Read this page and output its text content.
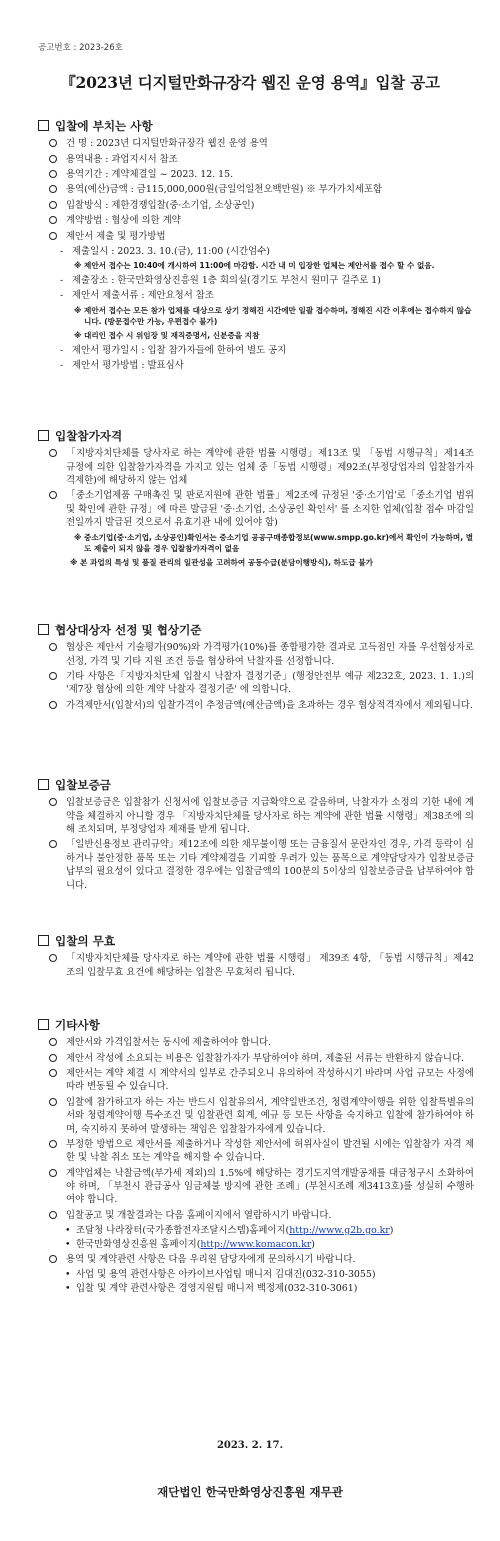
공고번호 : 2023-26호
『2023년 디지털만화규장각 웹진 운영 용역』입찰 공고
입찰에 부치는 사항
건 명 : 2023년 디지털만화규장각 웹진 운영 용역
용역내용 : 과업지시서 참조
용역기간 : 계약체결일 ~ 2023. 12. 15.
용역(예산)금액 : 금115,000,000원(금일억일천오백만원) ※ 부가가치세포함
입찰방식 : 제한경쟁입찰(중·소기업, 소상공인)
계약방법 : 협상에 의한 계약
제안서 제출 및 평가방법
- 제출일시 : 2023. 3. 10.(금), 11:00 (시간엄수)
※ 제안서 접수는 10:40에 개시하여 11:00에 마감함. 시간 내 미 입장한 업체는 제안서를 접수 할 수 없음.
- 제출장소 : 한국만화영상진흥원 1층 회의실(경기도 부천시 원미구 길주로 1)
- 제안서 제출서류 : 제안요청서 참조
※ 제안서 접수는 모든 참가 업체를 대상으로 상기 정해진 시간에만 일괄 접수하며, 정해진 시간 이후에는 접수하지 않습니다. (방문접수만 가능, 우편접수 불가)
※ 대리인 접수 시 위임장 및 재직증명서, 신분증을 지참
- 제안서 평가일시 : 입찰 참가자들에 한하여 별도 공지
- 제안서 평가방법 : 발표심사
입찰참가자격
「지방자치단체를 당사자로 하는 계약에 관한 법률 시행령」제13조 및 「동법 시행규칙」제14조 규정에 의한 입찰참가자격을 가지고 있는 업체 중「동법 시행령」제92조(부정당업자의 입찰참가자격제한)에 해당하지 않는 업체
「중소기업제품 구매촉진 및 판로지원에 관한 법률」제2조에 규정된 '중·소기업'로「중소기업 범위 및 확인에 관한 규정」에 따른 발급된 '중·소기업, 소상공인 확인서' 를 소지한 업체(입찰 접수 마감일 전일까지 발급된 것으로서 유효기관 내에 있어야 함)
※ 중소기업(중·소기업, 소상공인)확인서는 중소기업 공공구매종합정보(www.smpp.go.kr)에서 확인이 가능하며, 별도 제출이 되지 않을 경우 입찰참가자격이 없음
※ 본 과업의 특성 및 품질 관리의 일관성을 고려하여 공동수급(분담이행방식), 하도급 불가
협상대상자 선정 및 협상기준
협상은 제안서 기술평가(90%)와 가격평가(10%)를 종합평가한 결과로 고득점인 자를 우선협상자로 선정, 가격 및 기타 지원 조건 등을 협상하여 낙찰자를 선정합니다.
기타 사항은「지방자치단체 입찰시 낙찰자 결정기준」(행정안전부 예규 제232호, 2023. 1. 1.)의 '제7장 협상에 의한 계약 낙찰자 결정기준' 에 의합니다.
가격제안서(입찰서)의 입찰가격이 추정금액(예산금액)을 초과하는 경우 협상적격자에서 제외됩니다.
입찰보증금
입찰보증금은 입찰참가 신청서에 입찰보증금 지급확약으로 갈음하며, 낙찰자가 소정의 기한 내에 계약을 체결하지 아니할 경우 「지방자치단체를 당사자로 하는 계약에 관한 법률 시행령」제38조에 의해 조치되며, 부정당업자 제재를 받게 됩니다.
「일반신용정보 관리규약」제12조에 의한 채무불이행 또는 금융질서 문란자인 경우, 가격 등락이 심하거나 불안정한 품목 또는 기타 계약체결을 기피할 우려가 있는 품목으로 계약담당자가 입찰보증금 납부의 필요성이 있다고 결정한 경우에는 입찰금액의 100분의 5이상의 입찰보증금을 납부하여야 합니다.
입찰의 무효
「지방자치단체를 당사자로 하는 계약에 관한 법률 시행령」 제39조 4항, 「동법 시행규칙」제42조의 입찰무효 요건에 해당하는 입찰은 무효처리 됩니다.
기타사항
제안서와 가격입찰서는 동시에 제출하여야 합니다.
제안서 작성에 소요되는 비용은 입찰참가자가 부담하여야 하며, 제출된 서류는 반환하지 않습니다.
제안서는 계약 체결 시 계약서의 일부로 간주되오니 유의하여 작성하시기 바라며 사업 규모는 사정에 따라 변동될 수 있습니다.
입찰에 참가하고자 하는 자는 반드시 입찰유의서, 계약일반조건, 청렴계약이행을 위한 입찰특별유의서와 청렴계약이행 특수조건 및 입찰관련 회계, 예규 등 모든 사항을 숙지하고 입찰에 참가하여야 하며, 숙지하지 못하여 발생하는 책임은 입찰참가자에게 있습니다.
부정한 방법으로 제안서를 제출하거나 작성한 제안서에 허위사실이 발견될 시에는 입찰참가 자격 제한 및 낙찰 취소 또는 계약을 해지할 수 있습니다.
계약업체는 낙찰금액(부가세 제외)의 1.5%에 해당하는 경기도지역개발공채를 대금청구시 소화하여야 하며, 「부천시 관급공사 임금체불 방지에 관한 조례」(부천시조례 제3413호)를 성실히 수행하여야 합니다.
입찰공고 및 개찰결과는 다음 홈페이지에서 열람하시기 바랍니다.
• 조달청 나라장터(국가종합전자조달시스템)홈페이지(http://www.g2b.go.kr)
• 한국만화영상진흥원 홈페이지(http://www.komacon.kr)
용역 및 계약관련 사항은 다음 우리원 담당자에게 문의하시기 바랍니다.
• 사업 및 용역 관련사항은 아카이브사업팀 매니저 김대진(032-310-3055)
• 입찰 및 계약 관련사항은 경영지원팀 매니저 백정제(032-310-3061)
2023. 2. 17.
재단법인 한국만화영상진흥원 재무관
